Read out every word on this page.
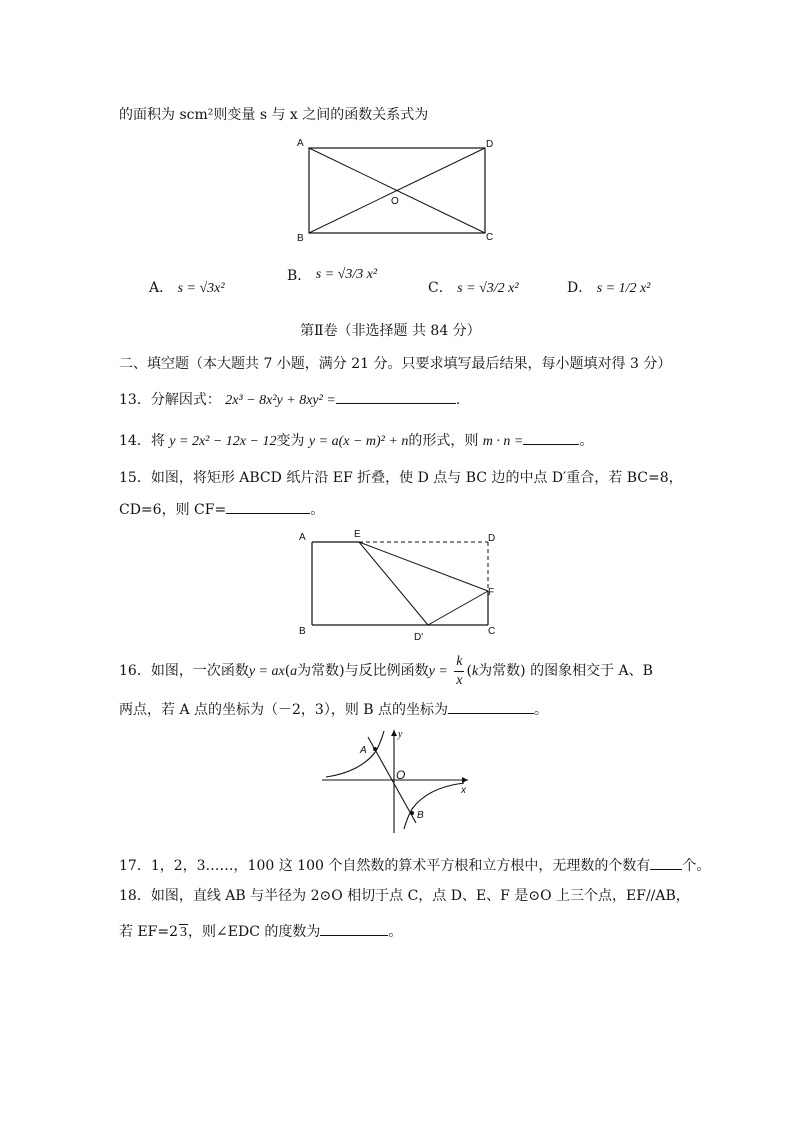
的面积为 scm²则变量 s 与 x 之间的函数关系式为
A	D
B	C
O
A． s = √3x²
B． s = √3/3 x²
C． s = √3/2 x²	D． s = 1/2 x²
第Ⅱ卷（非选择题 共 84 分）
二、填空题（本大题共 7 小题，满分 21 分。只要求填写最后结果，每小题填对得 3 分）
13．分解因式： 2x³ − 8x²y + 8xy² =	.
14．将 y = 2x² − 12x − 12变为 y = a(x − m)² + n的形式，则 m · n =	。
15．如图，将矩形 ABCD 纸片沿 EF 折叠，使 D 点与 BC 边的中点 D′重合，若 BC=8，
CD=6，则 CF=	。
A	E	D
F
B
D'
C
16．如图，一次函数y = ax(a为常数)与反比例函数$y = \frac{k}{x} (k$为常数) 的图象相交于 A、B
两点，若 A 点的坐标为（－2，3），则 B 点的坐标为	。
y
A
O
x
B
17．1，2，3……，100 这 100 个自然数的算术平方根和立方根中，无理数的个数有 个。
18．如图，直线 AB 与半径为 2⊙O 相切于点 C，点 D、E、F 是⊙O 上三个点，EF//AB，
若 EF=2 3，则∠EDC 的度数为	。
